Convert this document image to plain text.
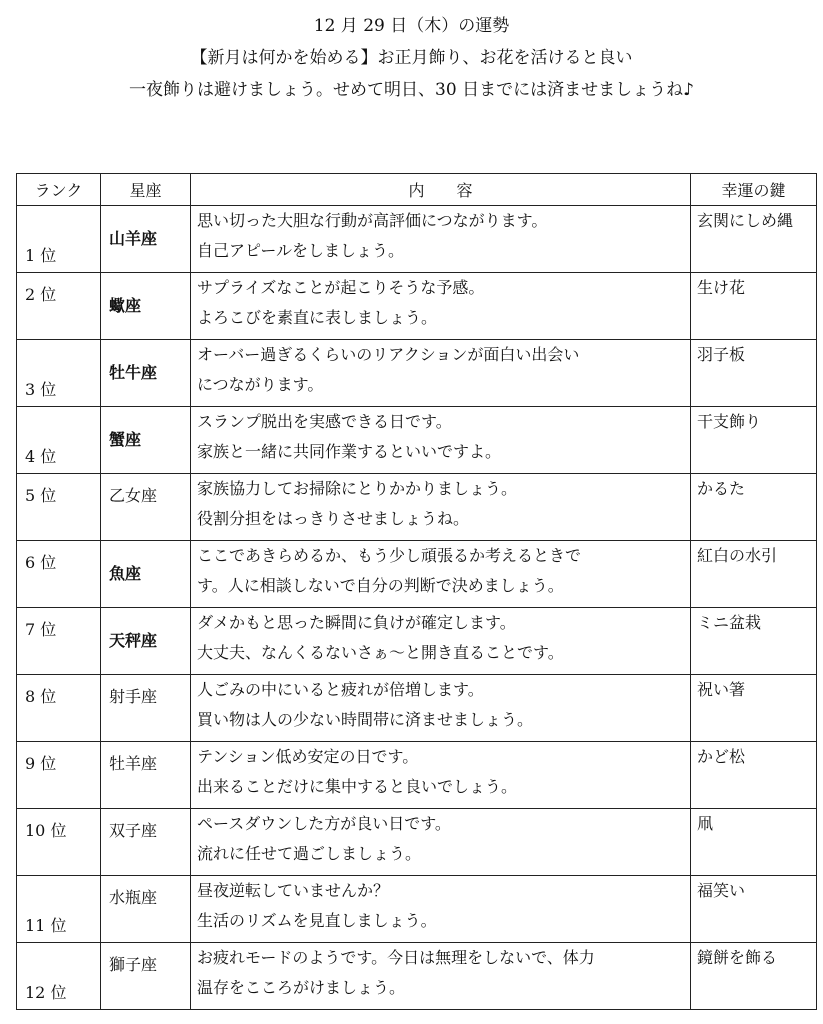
12 月 29 日（木）の運勢
【新月は何かを始める】お正月飾り、お花を活けると良い
一夜飾りは避けましょう。せめて明日、30 日までには済ませましょうね♪
ランク	星座	内　　容	幸運の鍵

1 位	山羊座	思い切った大胆な行動が高評価につながります。
自己アピールをしましょう。	玄関にしめ縄

2 位	蠍座	サプライズなことが起こりそうな予感。
よろこびを素直に表しましょう。	生け花

3 位	牡牛座	オーバー過ぎるくらいのリアクションが面白い出会い
につながります。	羽子板

4 位	蟹座	スランプ脱出を実感できる日です。
家族と一緒に共同作業するといいですよ。	干支飾り

5 位	乙女座	家族協力してお掃除にとりかかりましょう。
役割分担をはっきりさせましょうね。	かるた

6 位	魚座	ここであきらめるか、もう少し頑張るか考えるときで
す。人に相談しないで自分の判断で決めましょう。	紅白の水引

7 位	天秤座	ダメかもと思った瞬間に負けが確定します。
大丈夫、なんくるないさぁ～と開き直ることです。	ミニ盆栽

8 位	射手座	人ごみの中にいると疲れが倍増します。
買い物は人の少ない時間帯に済ませましょう。	祝い箸

9 位	牡羊座	テンション低め安定の日です。
出来ることだけに集中すると良いでしょう。	かど松

10 位	双子座	ペースダウンした方が良い日です。
流れに任せて過ごしましょう。	凧

11 位	水瓶座	昼夜逆転していませんか？
生活のリズムを見直しましょう。	福笑い

12 位	獅子座	お疲れモードのようです。今日は無理をしないで、体力
温存をこころがけましょう。	鏡餅を飾る
